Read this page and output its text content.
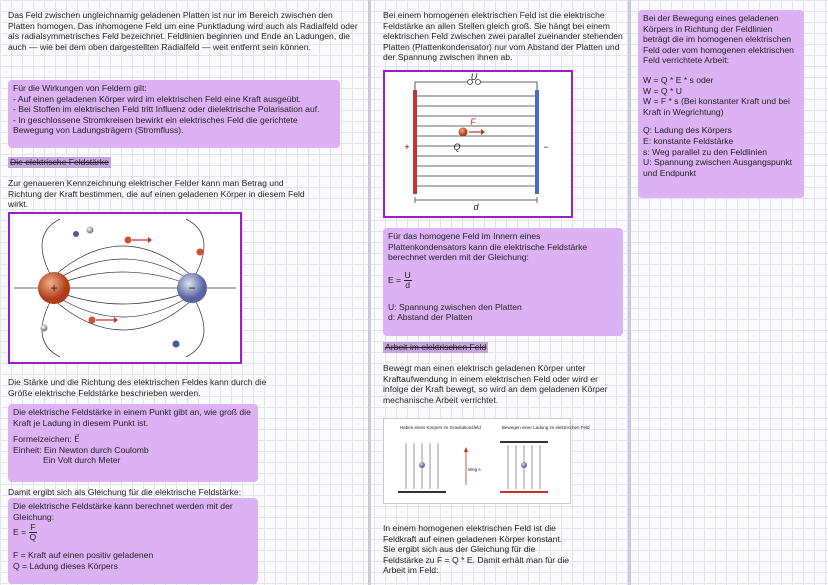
Das Feld zwischen ungleichnamig geladenen Platten ist nur im Bereich zwischen den Platten homogen. Das inhomogene Feld um eine Punktladung wird auch als Radialfeld oder als radialsymmetrisches Feld bezeichnet. Feldlinien beginnen und Ende an Ladungen, die auch — wie bei dem oben dargestellten Radialfeld — weit entfernt sein können.

Für die Wirkungen von Feldern gilt:
- Auf einen geladenen Körper wird im elektrischen Feld eine Kraft ausgeübt.
- Bei Stoffen im elektrischen Feld tritt Influenz oder dielektrische Polarisation auf.
- In geschlossene Stromkreisen bewirkt ein elektrisches Feld die gerichtete Bewegung von Ladungsträgern (Stromfluss).
Die elektrische Feldstärke

Zur genaueren Kennzeichnung elektrischer Felder kann man Betrag und Richtung der Kraft bestimmen, die auf einen geladenen Körper in diesem Feld wirkt.

+	−

Die Stärke und die Richtung des elektrischen Feldes kann durch die Größe elektrische Feldstärke beschrieben werden.

Die elektrische Feldstärke in einem Punkt gibt an, wie groß die Kraft je Ladung in diesem Punkt ist.

Formelzeichen: E⃗

Einheit: Ein Newton durch Coulomb

Ein Volt durch Meter

Damit ergibt sich als Gleichung für die elektrische Feldstärke:

Die elektrische Feldstärke kann berechnet werden mit der Gleichung:

$E = \frac{F}{Q}$

F = Kraft auf einen positiv geladenen

Q = Ladung dieses Körpers

Bei einem homogenen elektrischen Feld ist die elektrische Feldstärke an allen Stellen gleich groß. Sie hängt bei einem elektrischen Feld zwischen zwei parallel zueinander stehenden Platten (Plattenkondensator) nur vom Abstand der Platten und der Spannung zwischen ihnen ab.

U
F
Q
+	−
d

Für das homogene Feld im Innern eines Plattenkondensators kann die elektrische Feldstärke berechnet werden mit der Gleichung:

$E = \frac{U}{d}$

U: Spannung zwischen den Platten

d: Abstand der Platten

Arbeit im elektrischen Feld

Bewegt man einen elektrisch geladenen Körper unter Kraftaufwendung in einem elektrischen Feld oder wird er infolge der Kraft bewegt, so wird an dem geladenen Körper mechanische Arbeit verrichtet.

Heben eines Körpers im Gravitationsfeld	Bewegen einer Ladung im elektrischen Feld
Weg s

In einem homogenen elektrischen Feld ist die Feldkraft auf einen geladenen Körper konstant. Sie ergibt sich aus der Gleichung für die Feldstärke zu F = Q * E. Damit erhält man für die Arbeit im Feld:

Bei der Bewegung eines geladenen Körpers in Richtung der Feldlinien beträgt die im homogenen elektrischen Feld oder vom homogenen elektrischen Feld verrichtete Arbeit:

W = Q * E * s oder

W = Q * U

W = F * s (Bei konstanter Kraft und bei Kraft in Wegrichtung)

Q: Ladung des Körpers

E: konstante Feldstärke

s: Weg parallel zu den Feldlinien

U: Spannung zwischen Ausgangspunkt und Endpunkt
